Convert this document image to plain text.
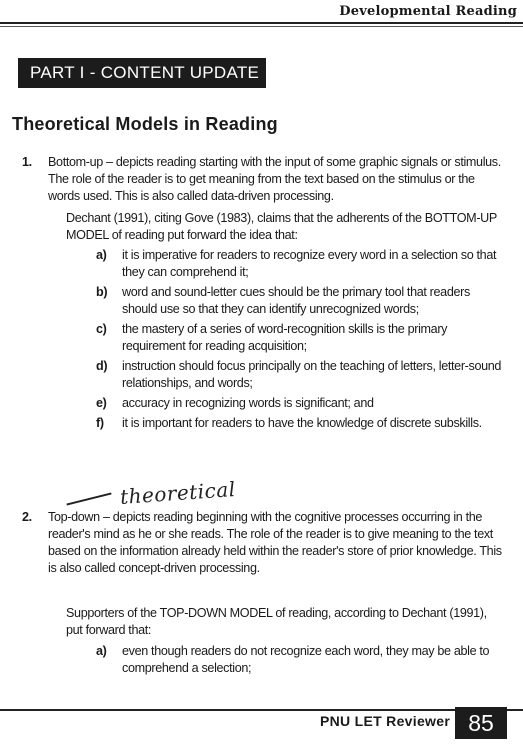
Developmental Reading
PART I - CONTENT UPDATE
Theoretical Models in Reading
1. Bottom-up – depicts reading starting with the input of some graphic signals or stimulus. The role of the reader is to get meaning from the text based on the stimulus or the words used. This is also called data-driven processing.
Dechant (1991), citing Gove (1983), claims that the adherents of the BOTTOM-UP MODEL of reading put forward the idea that:
a) it is imperative for readers to recognize every word in a selection so that they can comprehend it;
b) word and sound-letter cues should be the primary tool that readers should use so that they can identify unrecognized words;
c) the mastery of a series of word-recognition skills is the primary requirement for reading acquisition;
d) instruction should focus principally on the teaching of letters, letter-sound relationships, and words;
e) accuracy in recognizing words is significant; and
f) it is important for readers to have the knowledge of discrete subskills.
2. Top-down – depicts reading beginning with the cognitive processes occurring in the reader's mind as he or she reads. The role of the reader is to give meaning to the text based on the information already held within the reader's store of prior knowledge. This is also called concept-driven processing.
Supporters of the TOP-DOWN MODEL of reading, according to Dechant (1991), put forward that:
a) even though readers do not recognize each word, they may be able to comprehend a selection;
theoretical
PNU LET Reviewer 85
